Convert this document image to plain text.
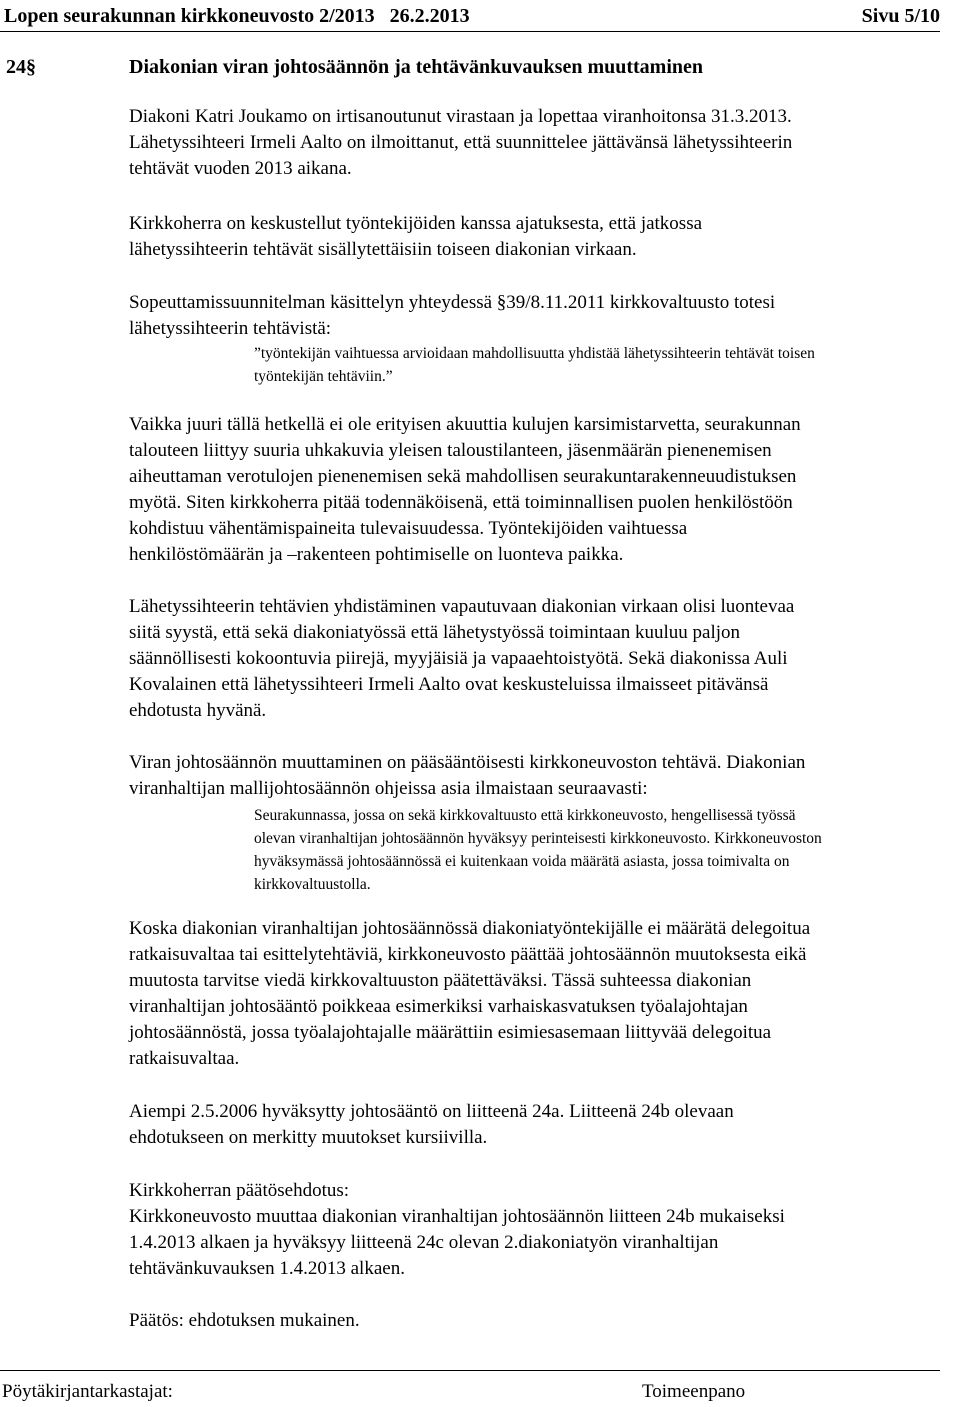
Lopen seurakunnan kirkkoneuvosto 2/2013   26.2.2013	Sivu 5/10
24§	Diakonian viran johtosäännön ja tehtävänkuvauksen muuttaminen

Diakoni Katri Joukamo on irtisanoutunut virastaan ja lopettaa viranhoitonsa 31.3.2013.
Lähetyssihteeri Irmeli Aalto on ilmoittanut, että suunnittelee jättävänsä lähetyssihteerin
tehtävät vuoden 2013 aikana.

Kirkkoherra on keskustellut työntekijöiden kanssa ajatuksesta, että jatkossa
lähetyssihteerin tehtävät sisällytettäisiin toiseen diakonian virkaan.

Sopeuttamissuunnitelman käsittelyn yhteydessä §39/8.11.2011 kirkkovaltuusto totesi
lähetyssihteerin tehtävistä:

”työntekijän vaihtuessa arvioidaan mahdollisuutta yhdistää lähetyssihteerin tehtävät toisen
työntekijän tehtäviin.”

Vaikka juuri tällä hetkellä ei ole erityisen akuuttia kulujen karsimistarvetta, seurakunnan
talouteen liittyy suuria uhkakuvia yleisen taloustilanteen, jäsenmäärän pienenemisen
aiheuttaman verotulojen pienenemisen sekä mahdollisen seurakuntarakenneuudistuksen
myötä. Siten kirkkoherra pitää todennäköisenä, että toiminnallisen puolen henkilöstöön
kohdistuu vähentämispaineita tulevaisuudessa. Työntekijöiden vaihtuessa
henkilöstömäärän ja –rakenteen pohtimiselle on luonteva paikka.

Lähetyssihteerin tehtävien yhdistäminen vapautuvaan diakonian virkaan olisi luontevaa
siitä syystä, että sekä diakoniatyössä että lähetystyössä toimintaan kuuluu paljon
säännöllisesti kokoontuvia piirejä, myyjäisiä ja vapaaehtoistyötä. Sekä diakonissa Auli
Kovalainen että lähetyssihteeri Irmeli Aalto ovat keskusteluissa ilmaisseet pitävänsä
ehdotusta hyvänä.

Viran johtosäännön muuttaminen on pääsääntöisesti kirkkoneuvoston tehtävä. Diakonian
viranhaltijan mallijohtosäännön ohjeissa asia ilmaistaan seuraavasti:

Seurakunnassa, jossa on sekä kirkkovaltuusto että kirkkoneuvosto, hengellisessä työssä
olevan viranhaltijan johtosäännön hyväksyy perinteisesti kirkkoneuvosto. Kirkkoneuvoston
hyväksymässä johtosäännössä ei kuitenkaan voida määrätä asiasta, jossa toimivalta on
kirkkovaltuustolla.

Koska diakonian viranhaltijan johtosäännössä diakoniatyöntekijälle ei määrätä delegoitua
ratkaisuvaltaa tai esittelytehtäviä, kirkkoneuvosto päättää johtosäännön muutoksesta eikä
muutosta tarvitse viedä kirkkovaltuuston päätettäväksi. Tässä suhteessa diakonian
viranhaltijan johtosääntö poikkeaa esimerkiksi varhaiskasvatuksen työalajohtajan
johtosäännöstä, jossa työalajohtajalle määrättiin esimiesasemaan liittyvää delegoitua
ratkaisuvaltaa.

Aiempi 2.5.2006 hyväksytty johtosääntö on liitteenä 24a. Liitteenä 24b olevaan
ehdotukseen on merkitty muutokset kursiivilla.

Kirkkoherran päätösehdotus:
Kirkkoneuvosto muuttaa diakonian viranhaltijan johtosäännön liitteen 24b mukaiseksi
1.4.2013 alkaen ja hyväksyy liitteenä 24c olevan 2.diakoniatyön viranhaltijan
tehtävänkuvauksen 1.4.2013 alkaen.

Päätös: ehdotuksen mukainen.

Pöytäkirjantarkastajat:	Toimeenpano
